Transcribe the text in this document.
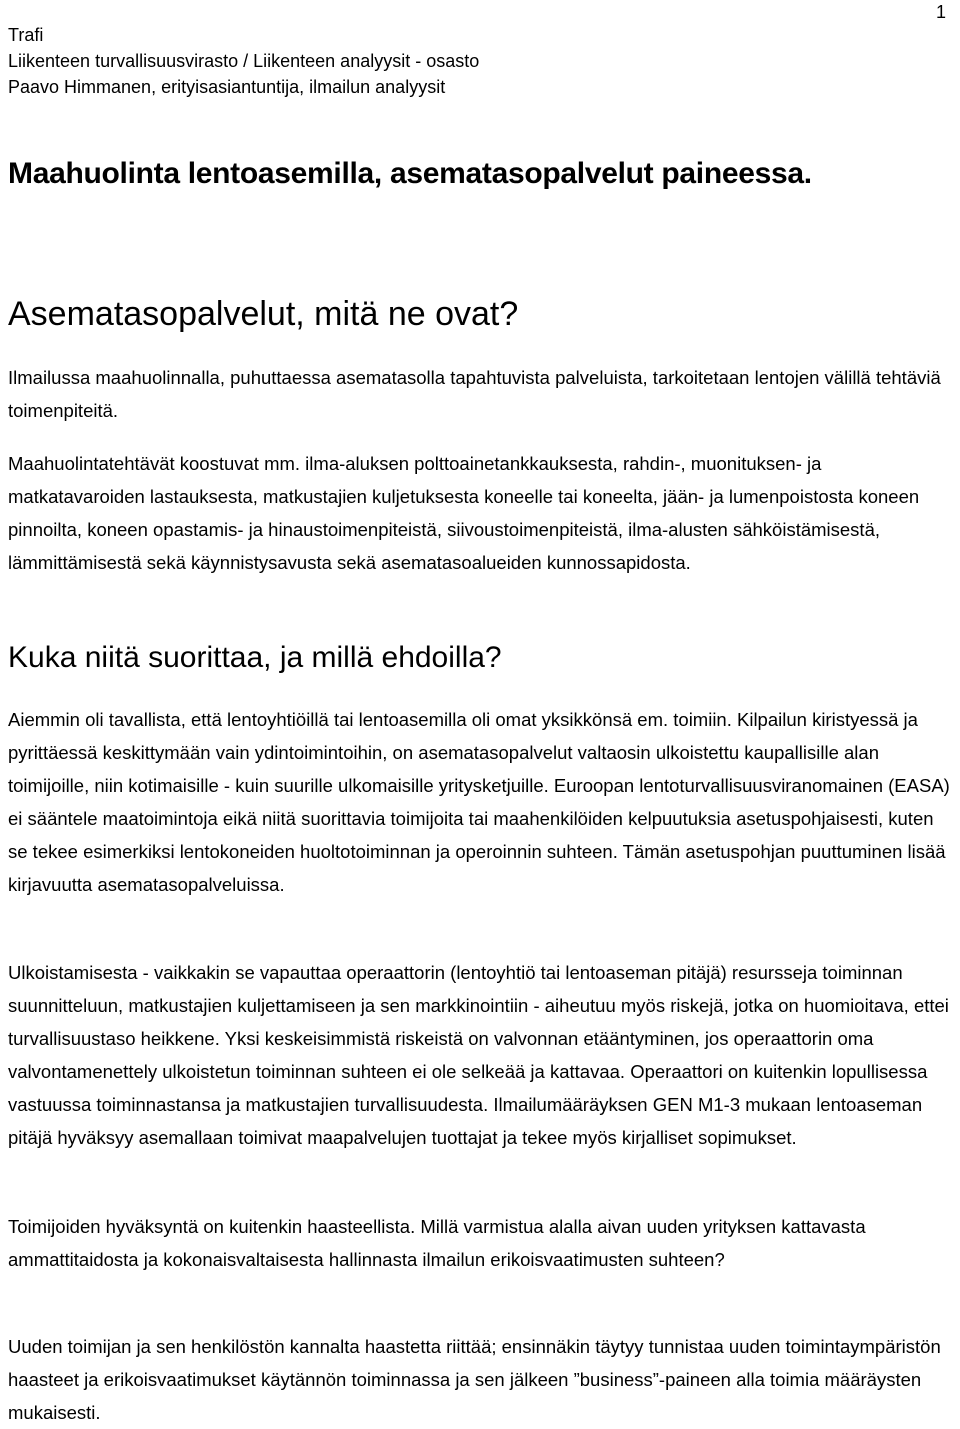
1
Trafi
Liikenteen turvallisuusvirasto / Liikenteen analyysit - osasto
Paavo Himmanen, erityisasiantuntija, ilmailun analyysit
Maahuolinta lentoasemilla, asematasopalvelut paineessa.
Asematasopalvelut, mitä ne ovat?

Ilmailussa maahuolinnalla, puhuttaessa asematasolla tapahtuvista palveluista, tarkoitetaan lentojen välillä tehtäviä toimenpiteitä.

Maahuolintatehtävät koostuvat mm. ilma-aluksen polttoainetankkauksesta, rahdin-, muonituksen- ja matkatavaroiden lastauksesta, matkustajien kuljetuksesta koneelle tai koneelta, jään- ja lumenpoistosta koneen pinnoilta, koneen opastamis- ja hinaustoimenpiteistä, siivoustoimenpiteistä, ilma-alusten sähköistämisestä, lämmittämisestä sekä käynnistysavusta sekä asematasoalueiden kunnossapidosta.

Kuka niitä suorittaa, ja millä ehdoilla?

Aiemmin oli tavallista, että lentoyhtiöillä tai lentoasemilla oli omat yksikkönsä em. toimiin. Kilpailun kiristyessä ja pyrittäessä keskittymään vain ydintoimintoihin, on asematasopalvelut valtaosin ulkoistettu kaupallisille alan toimijoille, niin kotimaisille - kuin suurille ulkomaisille yritysketjuille. Euroopan lentoturvallisuusviranomainen (EASA) ei sääntele maatoimintoja eikä niitä suorittavia toimijoita tai maahenkilöiden kelpuutuksia asetuspohjaisesti, kuten se tekee esimerkiksi lentokoneiden huoltotoiminnan ja operoinnin suhteen. Tämän asetuspohjan puuttuminen lisää kirjavuutta asematasopalveluissa.

Ulkoistamisesta - vaikkakin se vapauttaa operaattorin (lentoyhtiö tai lentoaseman pitäjä) resursseja toiminnan suunnitteluun, matkustajien kuljettamiseen ja sen markkinointiin - aiheutuu myös riskejä, jotka on huomioitava, ettei turvallisuustaso heikkene. Yksi keskeisimmistä riskeistä on valvonnan etääntyminen, jos operaattorin oma valvontamenettely ulkoistetun toiminnan suhteen ei ole selkeää ja kattavaa. Operaattori on kuitenkin lopullisessa vastuussa toiminnastansa ja matkustajien turvallisuudesta. Ilmailumääräyksen GEN M1-3 mukaan lentoaseman pitäjä hyväksyy asemallaan toimivat maapalvelujen tuottajat ja tekee myös kirjalliset sopimukset.

Toimijoiden hyväksyntä on kuitenkin haasteellista. Millä varmistua alalla aivan uuden yrityksen kattavasta ammattitaidosta ja kokonaisvaltaisesta hallinnasta ilmailun erikoisvaatimusten suhteen?

Uuden toimijan ja sen henkilöstön kannalta haastetta riittää; ensinnäkin täytyy tunnistaa uuden toimintaympäristön haasteet ja erikoisvaatimukset käytännön toiminnassa ja sen jälkeen ”business”-paineen alla toimia määräysten mukaisesti.
